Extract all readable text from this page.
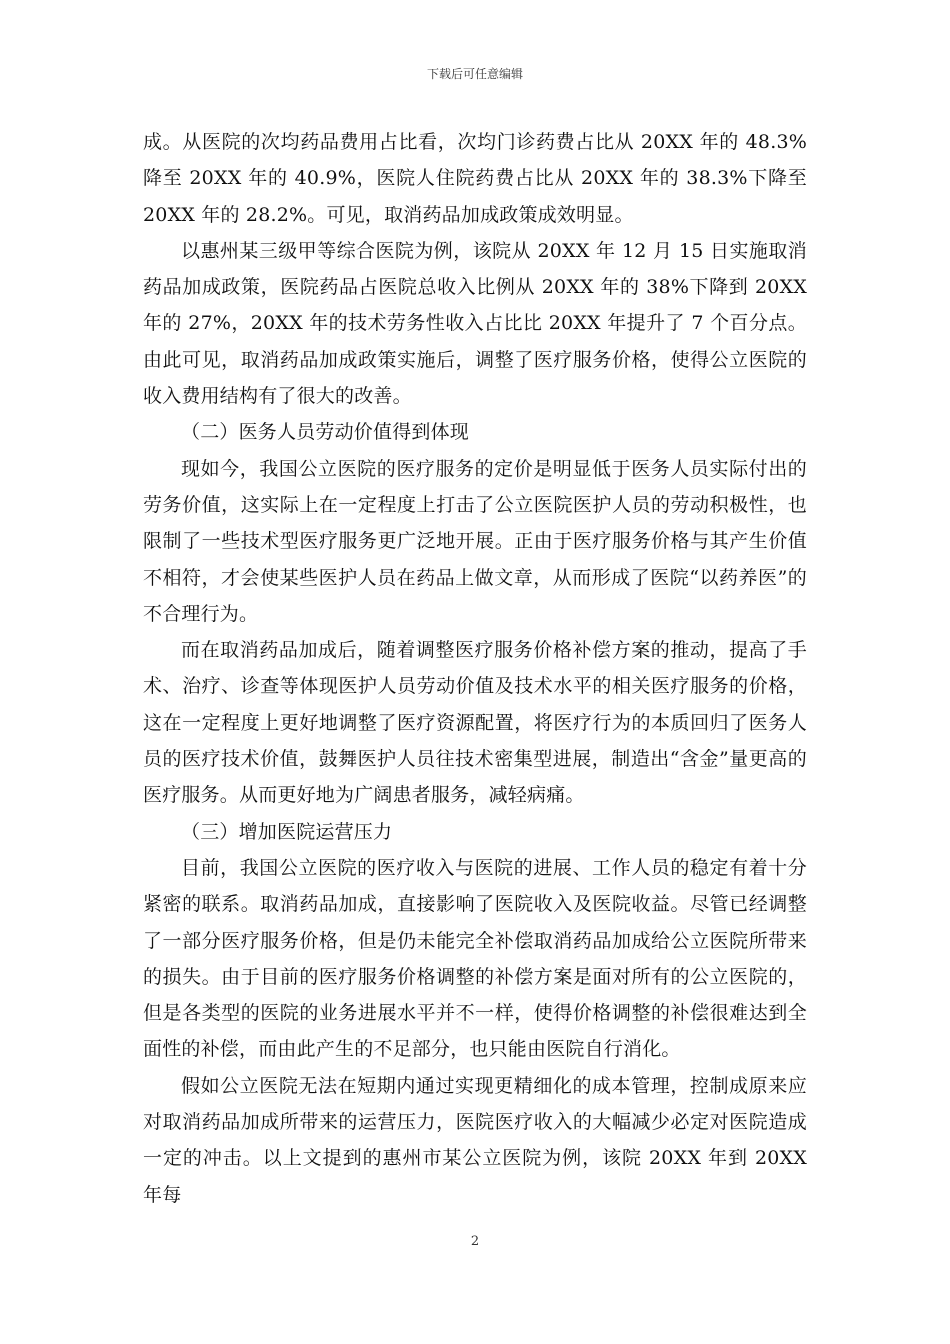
下载后可任意编辑

成。从医院的次均药品费用占比看，次均门诊药费占比从 20XX 年的 48.3%降至 20XX 年的 40.9%，医院人住院药费占比从 20XX 年的 38.3%下降至 20XX 年的 28.2%。可见，取消药品加成政策成效明显。

以惠州某三级甲等综合医院为例，该院从 20XX 年 12 月 15 日实施取消药品加成政策，医院药品占医院总收入比例从 20XX 年的 38%下降到 20XX 年的 27%，20XX 年的技术劳务性收入占比比 20XX 年提升了 7 个百分点。由此可见，取消药品加成政策实施后，调整了医疗服务价格，使得公立医院的收入费用结构有了很大的改善。

（二）医务人员劳动价值得到体现

现如今，我国公立医院的医疗服务的定价是明显低于医务人员实际付出的劳务价值，这实际上在一定程度上打击了公立医院医护人员的劳动积极性，也限制了一些技术型医疗服务更广泛地开展。正由于医疗服务价格与其产生价值不相符，才会使某些医护人员在药品上做文章，从而形成了医院“以药养医”的不合理行为。

而在取消药品加成后，随着调整医疗服务价格补偿方案的推动，提高了手术、治疗、诊查等体现医护人员劳动价值及技术水平的相关医疗服务的价格，这在一定程度上更好地调整了医疗资源配置，将医疗行为的本质回归了医务人员的医疗技术价值，鼓舞医护人员往技术密集型进展，制造出“含金”量更高的医疗服务。从而更好地为广阔患者服务，减轻病痛。

（三）增加医院运营压力

目前，我国公立医院的医疗收入与医院的进展、工作人员的稳定有着十分紧密的联系。取消药品加成，直接影响了医院收入及医院收益。尽管已经调整了一部分医疗服务价格，但是仍未能完全补偿取消药品加成给公立医院所带来的损失。由于目前的医疗服务价格调整的补偿方案是面对所有的公立医院的，但是各类型的医院的业务进展水平并不一样，使得价格调整的补偿很难达到全面性的补偿，而由此产生的不足部分，也只能由医院自行消化。

假如公立医院无法在短期内通过实现更精细化的成本管理，控制成原来应对取消药品加成所带来的运营压力，医院医疗收入的大幅减少必定对医院造成一定的冲击。以上文提到的惠州市某公立医院为例，该院 20XX 年到 20XX 年每

2
